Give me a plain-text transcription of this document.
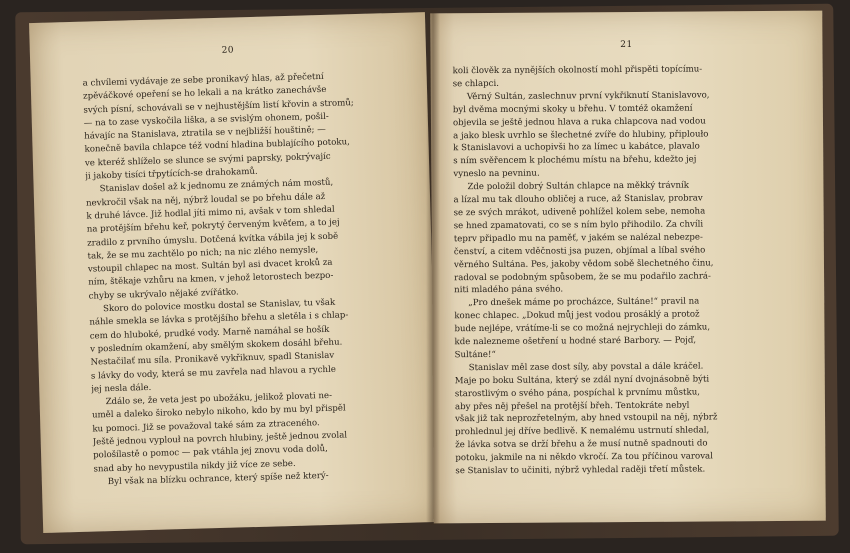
20
a chvílemi vydávaje ze sebe pronikavý hlas, až přečetní
zpěváčkové opeření se ho lekali a na krátko zanechávše
svých písní, schovávali se v nejhustějším listí křovin a stromů;
— na to zase vyskočila liška, a se svislým ohonem, pošil-
hávajíc na Stanislava, ztratila se v nejbližší houštině; —
konečně bavila chlapce též vodní hladina bublajícího potoku,
ve kteréž shlíželo se slunce se svými paprsky, pokrývajíc
ji jakoby tisíci třpytících-se drahokamů.
Stanislav došel až k jednomu ze známých nám mostů,
nevkročil však na něj, nýbrž loudal se po břehu dále až
k druhé lávce. Již hodlal jíti mimo ni, avšak v tom shledal
na protějším břehu keř, pokrytý červeným kvěťem, a to jej
zradilo z prvního úmyslu. Dotčená kvítka vábila jej k sobě
tak, že se mu zachtělo po nich; na nic zlého nemysle,
vstoupil chlapec na most. Sultán byl asi dvacet kroků za
ním, štěkaje vzhůru na kmen, v jehož letorostech bezpo-
chyby se ukrývalo nějaké zvířátko.
Skoro do polovice mostku dostal se Stanislav, tu však
náhle smekla se lávka s protějšího břehu a sletěla i s chlap-
cem do hluboké, prudké vody. Marně namáhal se hošík
v posledním okamžení, aby smělým skokem dosáhl břehu.
Nestačilať mu síla. Pronikavě vykřiknuv, spadl Stanislav
s lávky do vody, která se mu zavřela nad hlavou a rychle
jej nesla dále.
Zdálo se, že veta jest po ubožáku, jelikož plovati ne-
uměl a daleko široko nebylo nikoho, kdo by mu byl přispěl
ku pomoci. Již se považoval také sám za ztraceného.
Ještě jednou vyplouł na povrch hlubiny, ještě jednou zvolal
pološílastě o pomoc — pak vtáhla jej znovu voda dolů,
snad aby ho nevypustila nikdy již více ze sebe.
Byl však na blízku ochrance, který spíše než který-
21
koli člověk za nynějších okolností mohl přispěti topícímu-
se chlapci.
Věrný Sultán, zaslechnuv první vykřiknutí Stanislavovo,
byl dvěma mocnými skoky u břehu. V tomtéž okamžení
objevila se ještě jednou hlava a ruka chlapcova nad vodou
a jako blesk uvrhlo se šlechetné zvíře do hlubiny, připlouło
k Stanislavovi a uchopivši ho za límec u kabátce, plavalo
s ním svěřencem k plochému místu na břehu, kdežto jej
vyneslo na pevninu.
Zde položil dobrý Sultán chlapce na měkký trávník
a lízal mu tak dlouho obličej a ruce, až Stanislav, probrav
se ze svých mrákot, udiveně pohlížel kolem sebe, nemoha
se hned zpamatovati, co se s ním bylo přihodilo. Za chvíli
teprv připadlo mu na paměť, v jakém se nalézal nebezpe-
čenství, a citem vděčnosti jsa puzen, objímal a líbal svého
věrného Sultána. Pes, jakoby vědom sobě šlechetného činu,
radoval se podobným spůsobem, že se mu podařilo zachrá-
niti mladého pána svého.
„Pro dnešek máme po procházce, Sultáne!“ pravil na
konec chlapec. „Dokud můj jest vodou prosáklý a protož
bude nejlépe, vrátíme-li se co možná nejrychleji do zámku,
kde nalezneme ošetření u hodné staré Barbory. — Pojď,
Sultáne!“
Stanislav měl zase dost síly, aby povstal a dále kráčel.
Maje po boku Sultána, který se zdál nyní dvojnásobně býti
starostlivým o svého pána, pospíchal k prvnímu můstku,
aby přes něj přešel na protější břeh. Tentokráte nebyl
však již tak neprozřetelným, aby hned vstoupil na něj, nýbrž
prohlednul jej dříve bedlivě. K nemalému ustrnutí shledal,
že lávka sotva se drží břehu a že musí nutně spadnouti do
potoku, jakmile na ni někdo vkročí. Za tou příčinou varoval
se Stanislav to učiniti, nýbrž vyhledal raději třetí můstek.
